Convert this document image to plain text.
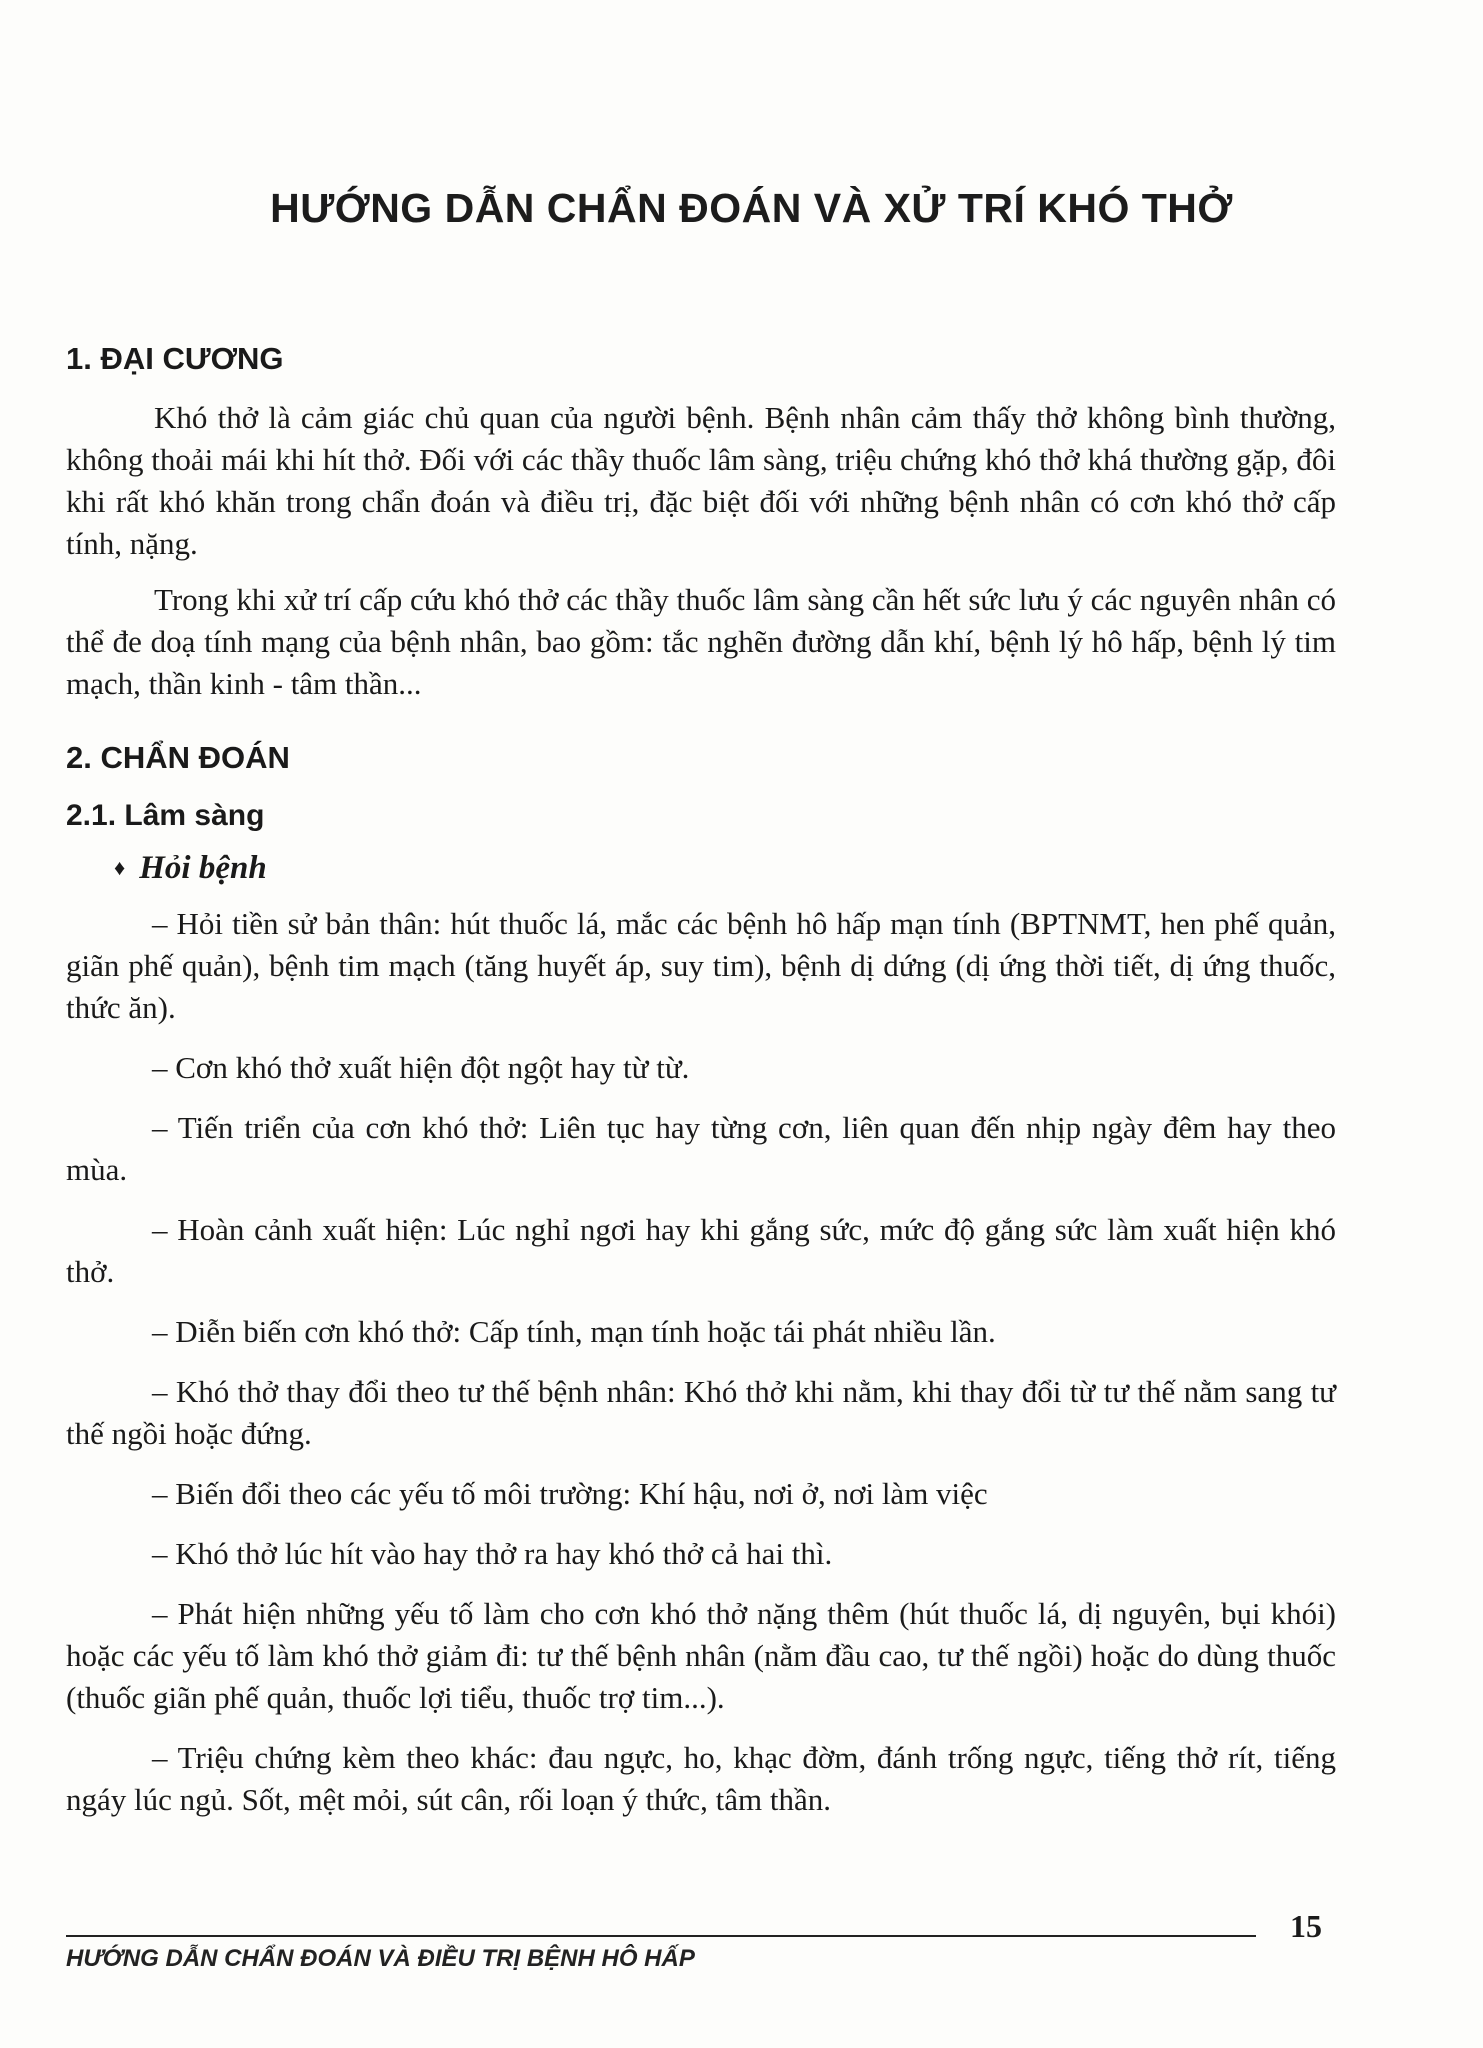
HƯỚNG DẪN CHẨN ĐOÁN VÀ XỬ TRÍ KHÓ THỞ
1. ĐẠI CƯƠNG

Khó thở là cảm giác chủ quan của người bệnh. Bệnh nhân cảm thấy thở không bình thường, không thoải mái khi hít thở. Đối với các thầy thuốc lâm sàng, triệu chứng khó thở khá thường gặp, đôi khi rất khó khăn trong chẩn đoán và điều trị, đặc biệt đối với những bệnh nhân có cơn khó thở cấp tính, nặng.

Trong khi xử trí cấp cứu khó thở các thầy thuốc lâm sàng cần hết sức lưu ý các nguyên nhân có thể đe doạ tính mạng của bệnh nhân, bao gồm: tắc nghẽn đường dẫn khí, bệnh lý hô hấp, bệnh lý tim mạch, thần kinh - tâm thần...

2. CHẨN ĐOÁN
2.1. Lâm sàng
♦ Hỏi bệnh

– Hỏi tiền sử bản thân: hút thuốc lá, mắc các bệnh hô hấp mạn tính (BPTNMT, hen phế quản, giãn phế quản), bệnh tim mạch (tăng huyết áp, suy tim), bệnh dị dứng (dị ứng thời tiết, dị ứng thuốc, thức ăn).

– Cơn khó thở xuất hiện đột ngột hay từ từ.

– Tiến triển của cơn khó thở: Liên tục hay từng cơn, liên quan đến nhịp ngày đêm hay theo mùa.

– Hoàn cảnh xuất hiện: Lúc nghỉ ngơi hay khi gắng sức, mức độ gắng sức làm xuất hiện khó thở.

– Diễn biến cơn khó thở: Cấp tính, mạn tính hoặc tái phát nhiều lần.

– Khó thở thay đổi theo tư thế bệnh nhân: Khó thở khi nằm, khi thay đổi từ tư thế nằm sang tư thế ngồi hoặc đứng.

– Biến đổi theo các yếu tố môi trường: Khí hậu, nơi ở, nơi làm việc

– Khó thở lúc hít vào hay thở ra hay khó thở cả hai thì.

– Phát hiện những yếu tố làm cho cơn khó thở nặng thêm (hút thuốc lá, dị nguyên, bụi khói) hoặc các yếu tố làm khó thở giảm đi: tư thế bệnh nhân (nằm đầu cao, tư thế ngồi) hoặc do dùng thuốc (thuốc giãn phế quản, thuốc lợi tiểu, thuốc trợ tim...).

– Triệu chứng kèm theo khác: đau ngực, ho, khạc đờm, đánh trống ngực, tiếng thở rít, tiếng ngáy lúc ngủ. Sốt, mệt mỏi, sút cân, rối loạn ý thức, tâm thần.

HƯỚNG DẪN CHẨN ĐOÁN VÀ ĐIỀU TRỊ BỆNH HÔ HẤP
15
